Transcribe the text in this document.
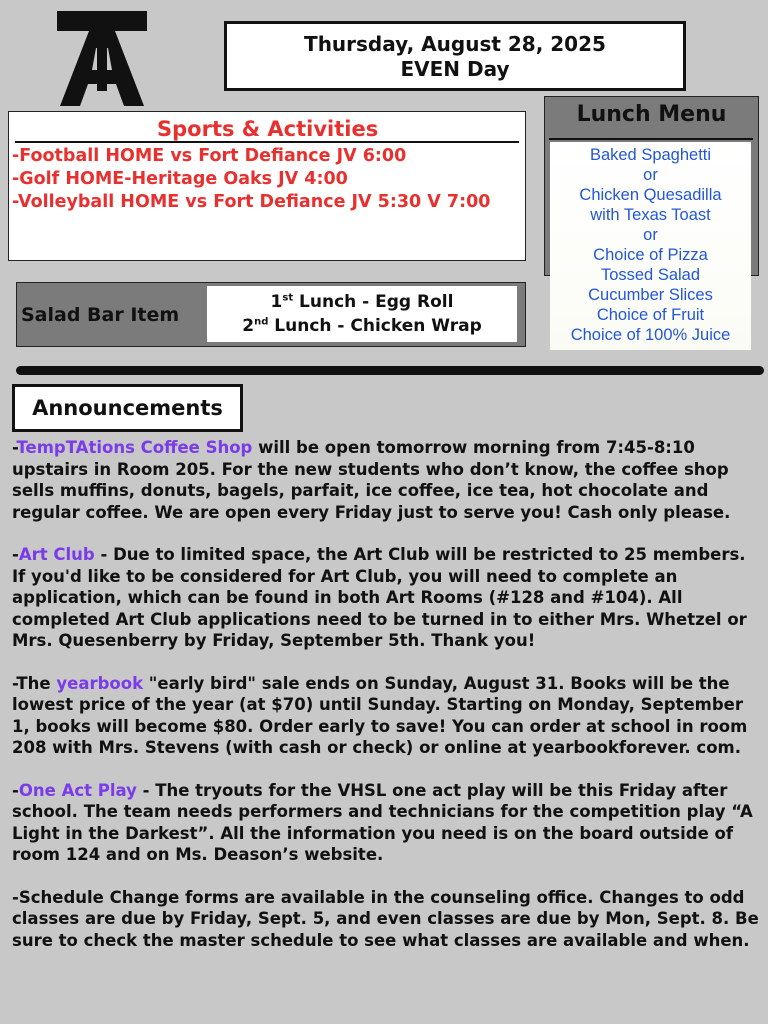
Thursday, August 28, 2025
EVEN Day
Sports & Activities
-Football HOME vs Fort Defiance JV 6:00
-Golf HOME-Heritage Oaks JV 4:00
-Volleyball HOME vs Fort Defiance JV 5:30 V 7:00
Lunch Menu
Baked Spaghetti
or
Chicken Quesadilla
with Texas Toast
or
Choice of Pizza
Tossed Salad
Cucumber Slices
Choice of Fruit
Choice of 100% Juice
Salad Bar Item
1st Lunch - Egg Roll
2nd Lunch - Chicken Wrap
Announcements

-TempTAtions Coffee Shop will be open tomorrow morning from 7:45-8:10 upstairs in Room 205. For the new students who don’t know, the coffee shop sells muffins, donuts, bagels, parfait, ice coffee, ice tea, hot chocolate and regular coffee. We are open every Friday just to serve you! Cash only please.

-Art Club - Due to limited space, the Art Club will be restricted to 25 members. If you'd like to be considered for Art Club, you will need to complete an application, which can be found in both Art Rooms (#128 and #104). All completed Art Club applications need to be turned in to either Mrs. Whetzel or Mrs. Quesenberry by Friday, September 5th. Thank you!

-The yearbook "early bird" sale ends on Sunday, August 31. Books will be the lowest price of the year (at $70) until Sunday. Starting on Monday, September 1, books will become $80. Order early to save! You can order at school in room 208 with Mrs. Stevens (with cash or check) or online at yearbookforever. com.

-One Act Play - The tryouts for the VHSL one act play will be this Friday after school. The team needs performers and technicians for the competition play “A Light in the Darkest”. All the information you need is on the board outside of room 124 and on Ms. Deason’s website.

-Schedule Change forms are available in the counseling office. Changes to odd classes are due by Friday, Sept. 5, and even classes are due by Mon, Sept. 8. Be sure to check the master schedule to see what classes are available and when.
